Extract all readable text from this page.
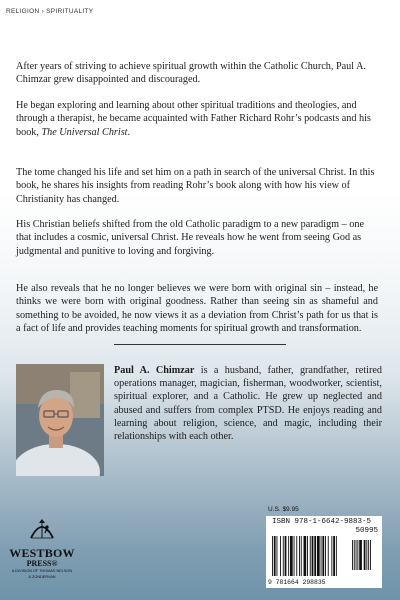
RELIGION › SPIRITUALITY

After years of striving to achieve spiritual growth within the Catholic Church, Paul A. Chimzar grew disappointed and discouraged.

He began exploring and learning about other spiritual traditions and theologies, and through a therapist, he became acquainted with Father Richard Rohr’s podcasts and his book, The Universal Christ.

The tome changed his life and set him on a path in search of the universal Christ. In this book, he shares his insights from reading Rohr’s book along with how his view of Christianity has changed.

His Christian beliefs shifted from the old Catholic paradigm to a new paradigm – one that includes a cosmic, universal Christ. He reveals how he went from seeing God as judgmental and punitive to loving and forgiving.

He also reveals that he no longer believes we were born with original sin – instead, he thinks we were born with original goodness. Rather than seeing sin as shameful and something to be avoided, he now views it as a deviation from Christ’s path for us that is a fact of life and provides teaching moments for spiritual growth and transformation.

Paul A. Chimzar is a husband, father, grandfather, retired operations manager, magician, fisherman, woodworker, scientist, spiritual explorer, and a Catholic. He grew up neglected and abused and suffers from complex PTSD. He enjoys reading and learning about religion, science, and magic, including their relationships with each other.

U.S. $9.95
ISBN 978-1-6642-9883-5
50995
9 781664 298835
WESTBOW
PRESS®
A DIVISION OF THOMAS NELSON
& ZONDERVAN
